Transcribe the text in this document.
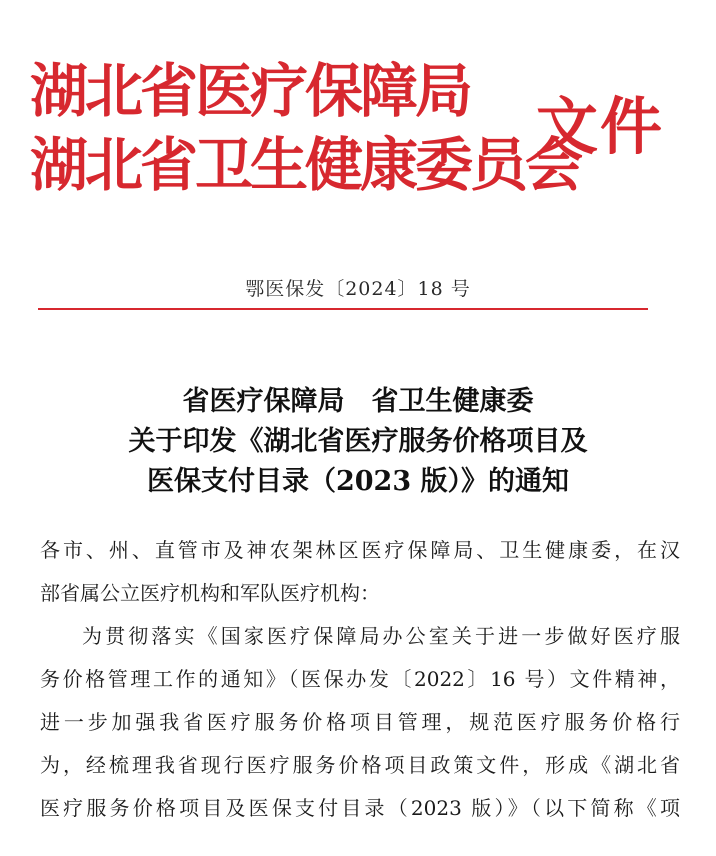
湖北省医疗保障局
湖北省卫生健康委员会
文件
鄂医保发〔2024〕18 号
省医疗保障局　省卫生健康委
关于印发《湖北省医疗服务价格项目及
医保支付目录（2023 版）》的通知
各市、州、直管市及神农架林区医疗保障局、卫生健康委，在汉
部省属公立医疗机构和军队医疗机构：
为贯彻落实《国家医疗保障局办公室关于进一步做好医疗服
务价格管理工作的通知》（医保办发〔2022〕16 号）文件精神，
进一步加强我省医疗服务价格项目管理，规范医疗服务价格行
为，经梳理我省现行医疗服务价格项目政策文件，形成《湖北省
医疗服务价格项目及医保支付目录（2023 版）》（以下简称《项
